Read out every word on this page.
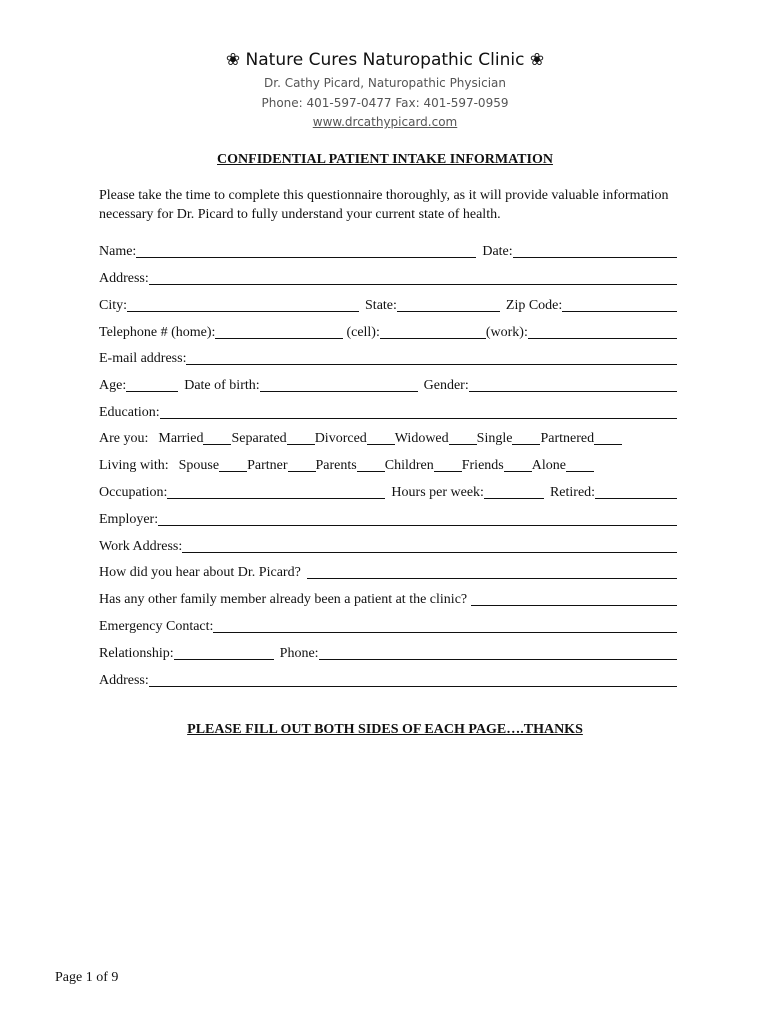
❀ Nature Cures Naturopathic Clinic ❀
Dr. Cathy Picard, Naturopathic Physician
Phone: 401-597-0477 Fax: 401-597-0959
www.drcathypicard.com
CONFIDENTIAL PATIENT INTAKE INFORMATION
Please take the time to complete this questionnaire thoroughly, as it will provide valuable information necessary for Dr. Picard to fully understand your current state of health.
Name:	Date:
Address:
City:	State:	Zip Code:
Telephone # (home):	(cell):	(work):
E-mail address:
Age:	Date of birth:	Gender:
Education:
Are you: Married Separated Divorced Widowed Single Partnered
Living with: Spouse Partner Parents Children Friends Alone
Occupation:	Hours per week:	Retired:
Employer:
Work Address:
How did you hear about Dr. Picard?
Has any other family member already been a patient at the clinic?
Emergency Contact:
Relationship:	Phone:
Address:
PLEASE FILL OUT BOTH SIDES OF EACH PAGE….THANKS
Page 1 of 9
